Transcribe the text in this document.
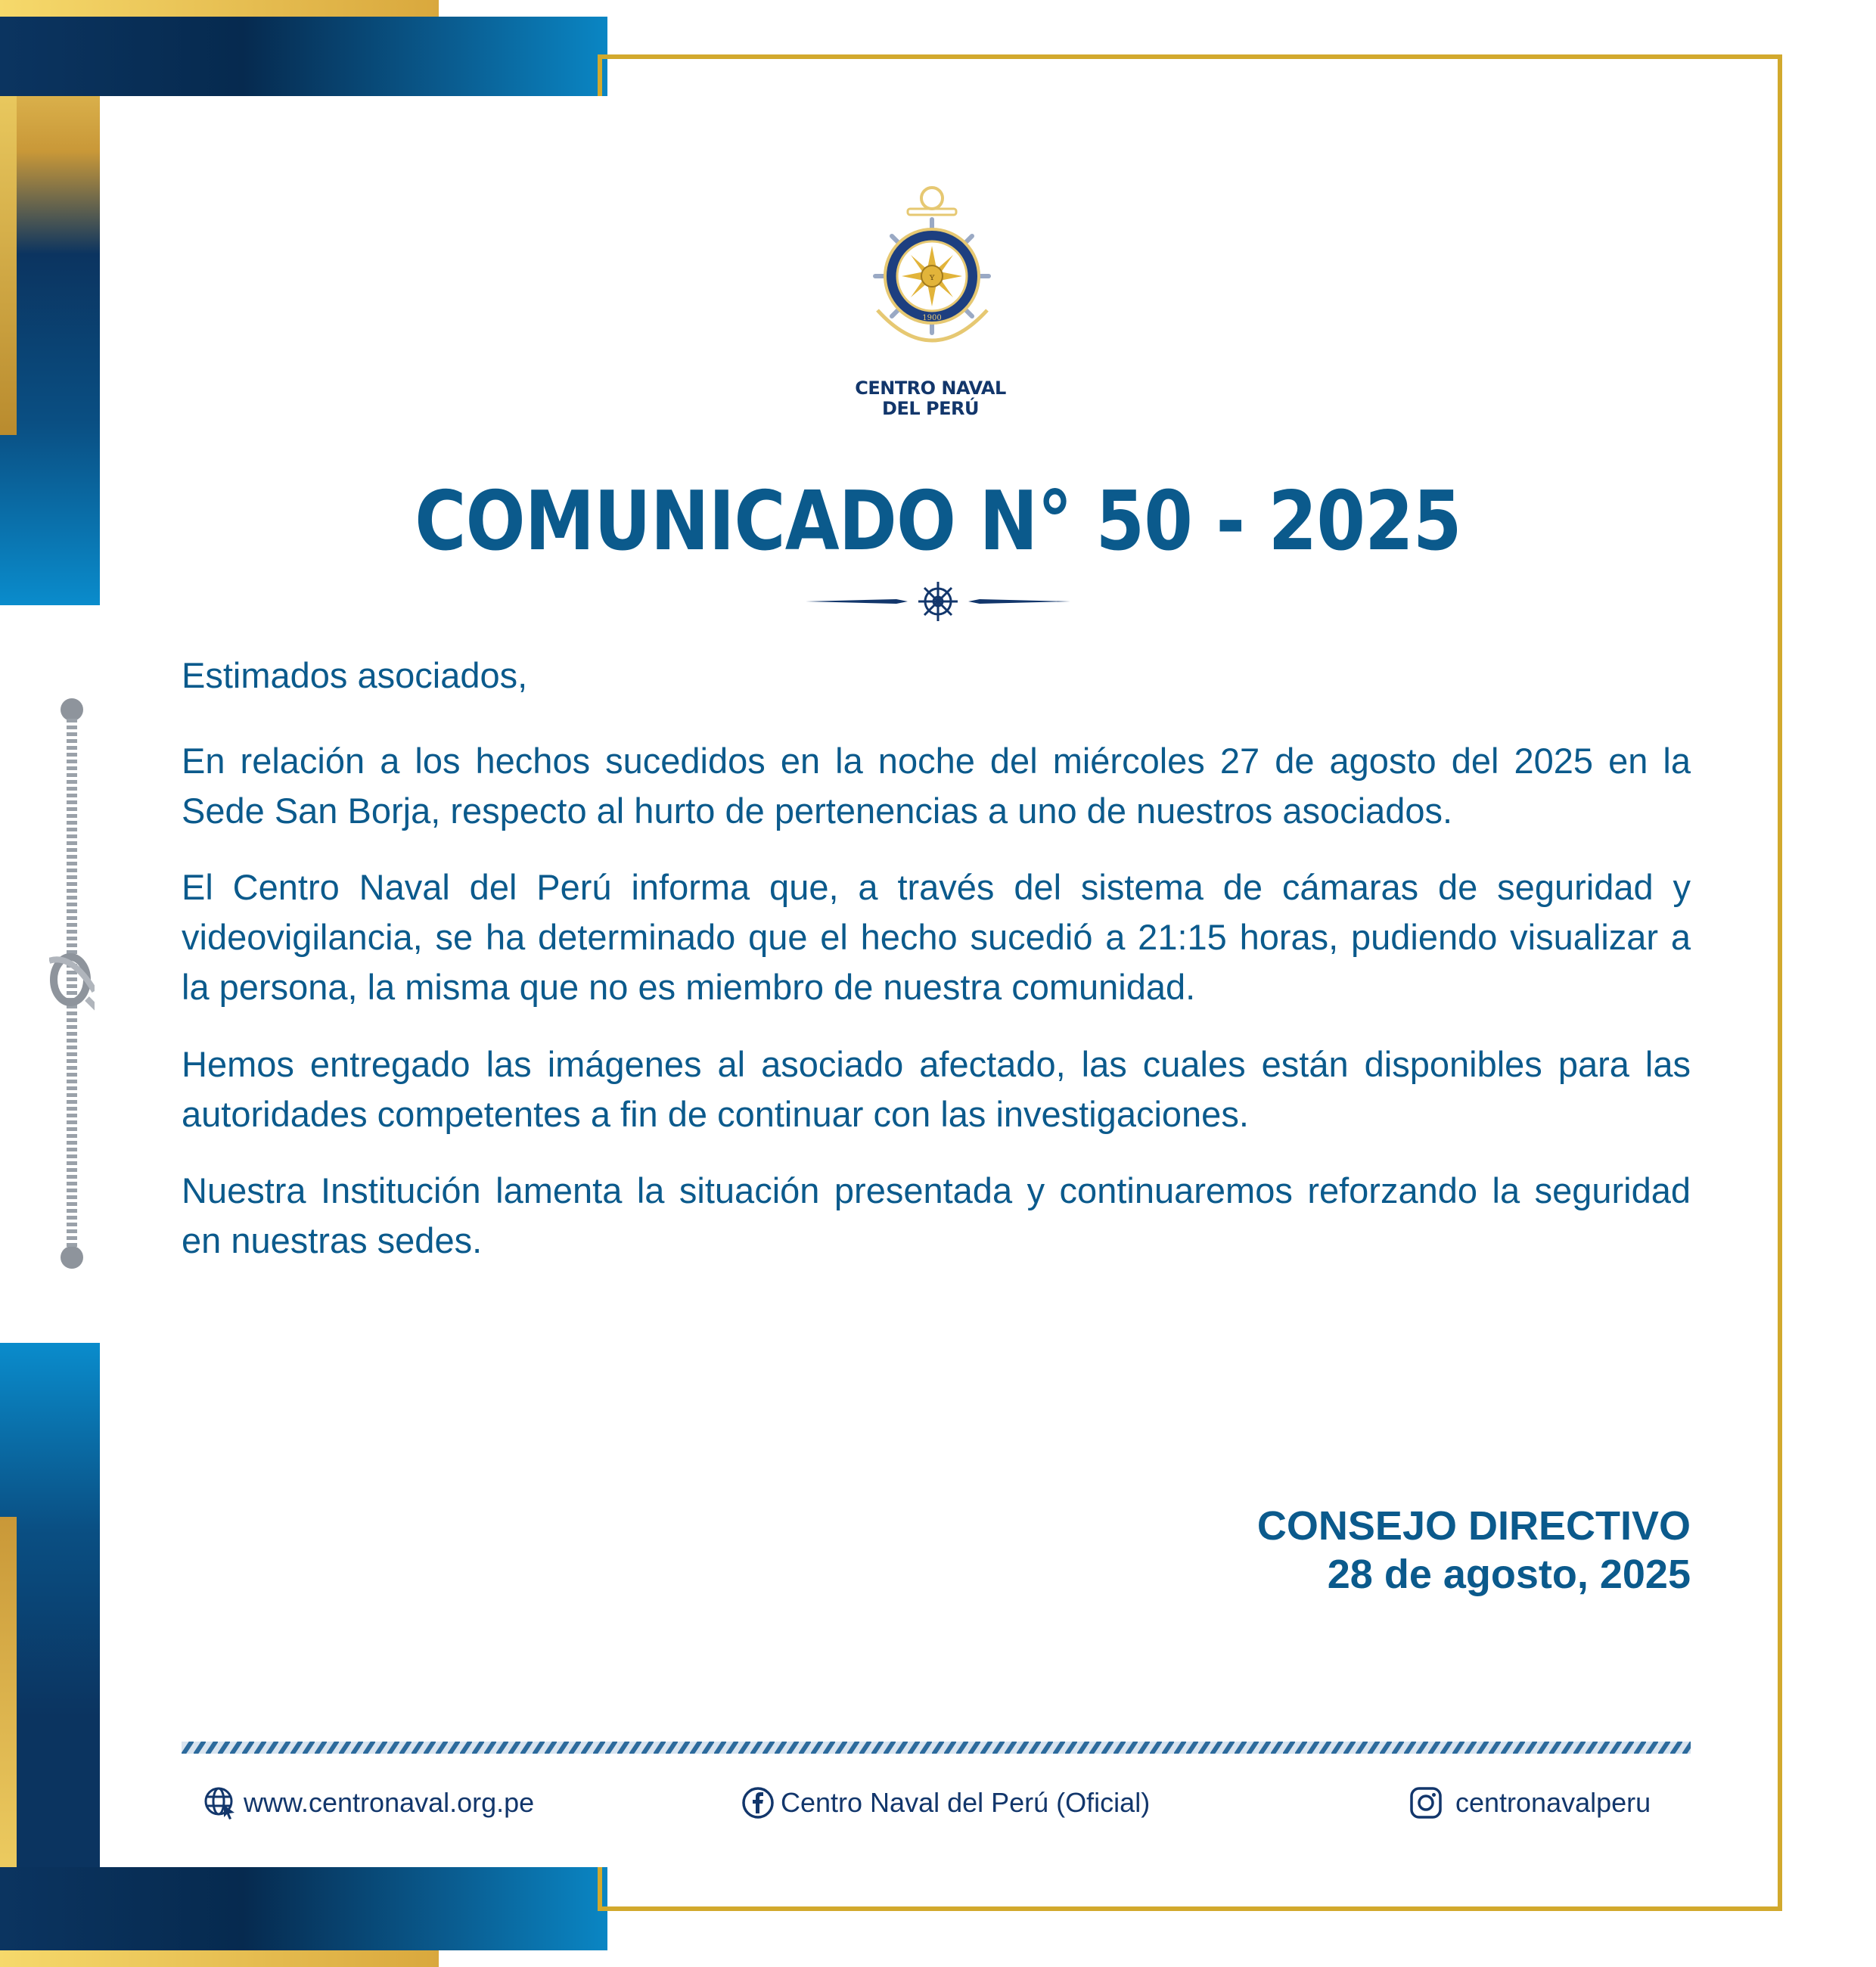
ʏ
1900
CENTRO NAVAL
DEL PERÚ
COMUNICADO N° 50 - 2025

Estimados asociados,

En relación a los hechos sucedidos en la noche del miércoles 27 de agosto del 2025 en la Sede San Borja, respecto al hurto de pertenencias a uno de nuestros asociados.
El Centro Naval del Perú informa que, a través del sistema de cámaras de seguridad y videovigilancia, se ha determinado que el hecho sucedió a 21:15 horas, pudiendo visualizar a la persona, la misma que no es miembro de nuestra comunidad.
Hemos entregado las imágenes al asociado afectado, las cuales están disponibles para las autoridades competentes a fin de continuar con las investigaciones.
Nuestra Institución lamenta la situación presentada y continuaremos reforzando la seguridad en nuestras sedes.
CONSEJO DIRECTIVO
28 de agosto, 2025
www.centronaval.org.pe	Centro Naval del Perú (Oficial)	centronavalperu
